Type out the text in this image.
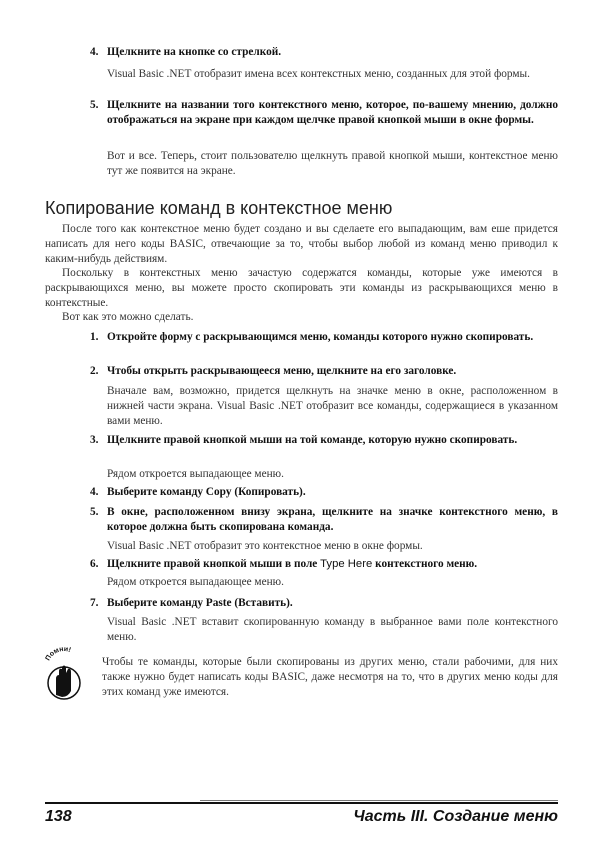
4. Щелкните на кнопке со стрелкой.
Visual Basic .NET отобразит имена всех контекстных меню, созданных для этой формы.
5. Щелкните на названии того контекстного меню, которое, по-вашему мнению, должно отображаться на экране при каждом щелчке правой кнопкой мыши в окне формы.
Вот и все. Теперь, стоит пользователю щелкнуть правой кнопкой мыши, контекстное меню тут же появится на экране.
Копирование команд в контекстное меню
После того как контекстное меню будет создано и вы сделаете его выпадающим, вам еше придется написать для него коды BASIC, отвечающие за то, чтобы выбор любой из команд меню приводил к каким-нибудь действиям.
Поскольку в контекстных меню зачастую содержатся команды, которые уже имеются в раскрывающихся меню, вы можете просто скопировать эти команды из раскрывающихся меню в контекстные.
Вот как это можно сделать.
1. Откройте форму с раскрывающимся меню, команды которого нужно скопировать.
2. Чтобы открыть раскрывающееся меню, щелкните на его заголовке.
Вначале вам, возможно, придется щелкнуть на значке меню в окне, расположенном в нижней части экрана. Visual Basic .NET отобразит все команды, содержащиеся в указанном вами меню.
3. Щелкните правой кнопкой мыши на той команде, которую нужно скопировать.
Рядом откроется выпадающее меню.
4. Выберите команду Copy (Копировать).
5. В окне, расположенном внизу экрана, щелкните на значке контекстного меню, в которое должна быть скопирована команда.
Visual Basic .NET отобразит это контекстное меню в окне формы.
6. Щелкните правой кнопкой мыши в поле Type Here контекстного меню.
Рядом откроется выпадающее меню.
7. Выберите команду Paste (Вставить).
Visual Basic .NET вставит скопированную команду в выбранное вами поле контекстного меню.
Помни!
Чтобы те команды, которые были скопированы из других меню, стали рабочими, для них также нужно будет написать коды BASIC, даже несмотря на то, что в других меню коды для этих команд уже имеются.
138	Часть III. Создание меню
